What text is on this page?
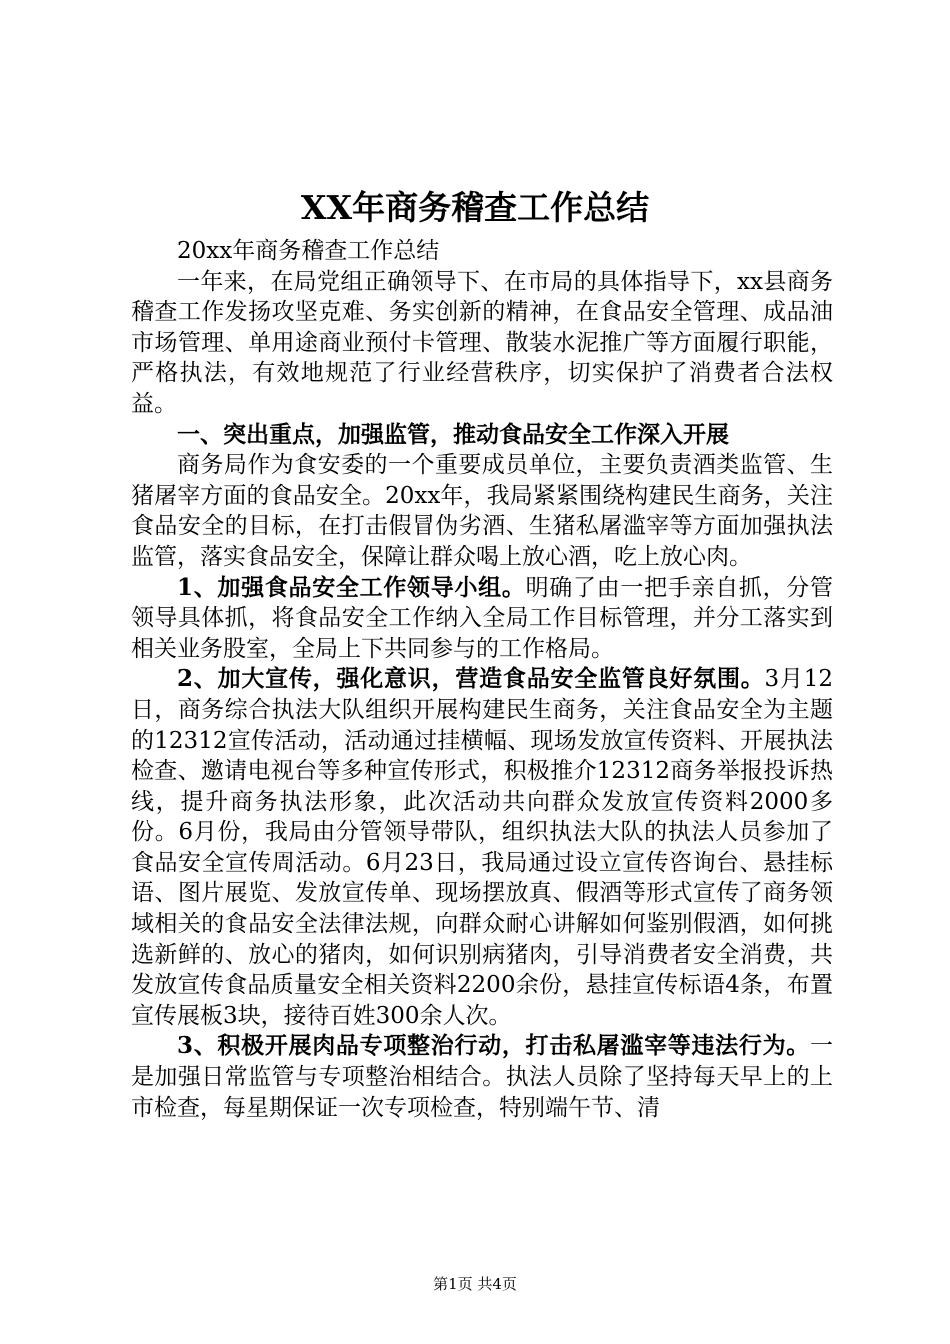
XX年商务稽查工作总结

20xx年商务稽查工作总结

一年来，在局党组正确领导下、在市局的具体指导下，xx县商务稽查工作发扬攻坚克难、务实创新的精神，在食品安全管理、成品油市场管理、单用途商业预付卡管理、散装水泥推广等方面履行职能，严格执法，有效地规范了行业经营秩序，切实保护了消费者合法权益。

一、突出重点，加强监管，推动食品安全工作深入开展

商务局作为食安委的一个重要成员单位，主要负责酒类监管、生猪屠宰方面的食品安全。20xx年，我局紧紧围绕构建民生商务，关注食品安全的目标，在打击假冒伪劣酒、生猪私屠滥宰等方面加强执法监管，落实食品安全，保障让群众喝上放心酒，吃上放心肉。

1、加强食品安全工作领导小组。明确了由一把手亲自抓，分管领导具体抓，将食品安全工作纳入全局工作目标管理，并分工落实到相关业务股室，全局上下共同参与的工作格局。

2、加大宣传，强化意识，营造食品安全监管良好氛围。3月12日，商务综合执法大队组织开展构建民生商务，关注食品安全为主题的12312宣传活动，活动通过挂横幅、现场发放宣传资料、开展执法检查、邀请电视台等多种宣传形式，积极推介12312商务举报投诉热线，提升商务执法形象，此次活动共向群众发放宣传资料2000多份。6月份，我局由分管领导带队，组织执法大队的执法人员参加了食品安全宣传周活动。6月23日，我局通过设立宣传咨询台、悬挂标语、图片展览、发放宣传单、现场摆放真、假酒等形式宣传了商务领域相关的食品安全法律法规，向群众耐心讲解如何鉴别假酒，如何挑选新鲜的、放心的猪肉，如何识别病猪肉，引导消费者安全消费，共发放宣传食品质量安全相关资料2200余份，悬挂宣传标语4条，布置宣传展板3块，接待百姓300余人次。

3、积极开展肉品专项整治行动，打击私屠滥宰等违法行为。一是加强日常监管与专项整治相结合。执法人员除了坚持每天早上的上市检查，每星期保证一次专项检查，特别端午节、清

第1页 共4页
